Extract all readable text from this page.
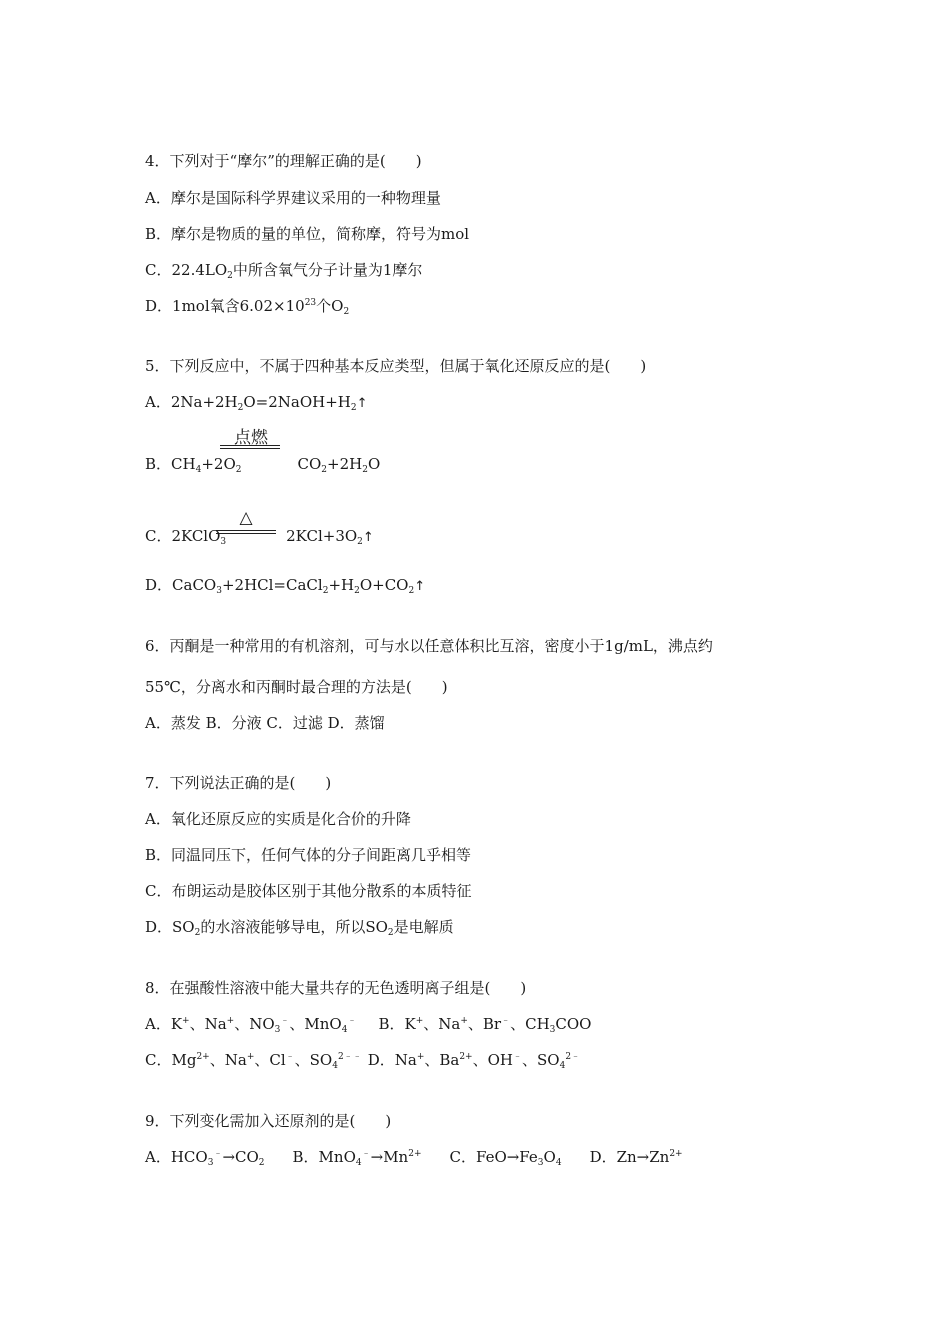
4．下列对于“摩尔”的理解正确的是(　　)
A．摩尔是国际科学界建议采用的一种物理量
B．摩尔是物质的量的单位，简称摩，符号为mol
C．$22.4LO_2$中所含氧气分子计量为1摩尔
D．1mol氧含$6.02\times 10^{23}$个$O_2$
5．下列反应中，不属于四种基本反应类型，但属于氧化还原反应的是(　　)
A．$2Na+2H_2O=2NaOH+H_2↑$
点燃
B．$CH_4+2O_2$	$CO_2+2H_2O$
△
C．2KClO$_3$	$2KCl+3O_2↑$
D．$CaCO_3+2HCl=CaCl_2+H_2O+CO_2↑$
6．丙酮是一种常用的有机溶剂，可与水以任意体积比互溶，密度小于1g/mL，沸点约
55℃，分离水和丙酮时最合理的方法是(　　)
A．蒸发 B．分液 C．过滤 D．蒸馏
7．下列说法正确的是(　　)
A．氧化还原反应的实质是化合价的升降
B．同温同压下，任何气体的分子间距离几乎相等
C．布朗运动是胶体区别于其他分散系的本质特征
D．$SO_2$的水溶液能够导电，所以$SO_2$是电解质
8．在强酸性溶液中能大量共存的无色透明离子组是(　　)
A．K+、Na+、$NO_3^﹣$、MnO$_4$﹣ B．K+、Na+、Br﹣、$CH_3COO$
C．$Mg^{2+}$、Na+、Cl﹣、$SO_4^{2﹣﹣}$ D．Na+、$Ba^{2+}$、OH﹣、$SO_4^{2﹣}$
9．下列变化需加入还原剂的是(　　)
A．$HCO_3^﹣\to CO_2$ B．$MnO_4^﹣\to Mn^{2+}$ C．$FeO\to Fe_3O_4$ D．$Zn\to Zn^{2+}$
